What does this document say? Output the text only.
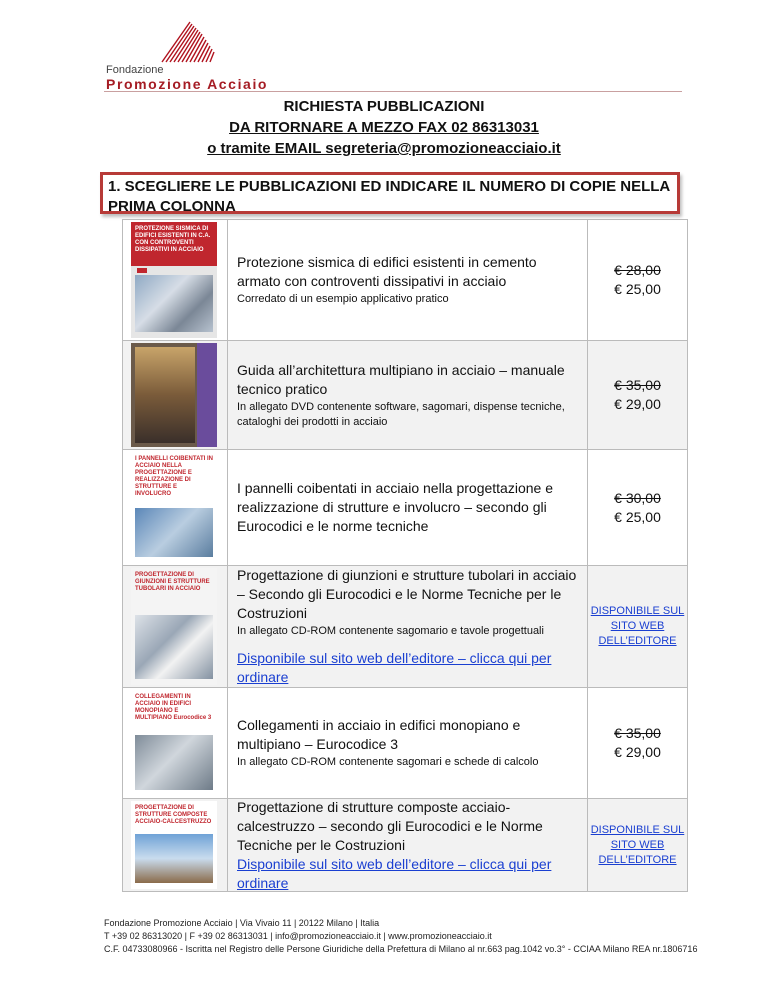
Fondazione
Promozione Acciaio
RICHIESTA PUBBLICAZIONI
DA RITORNARE A MEZZO FAX 02 86313031
o tramite EMAIL segreteria@promozioneacciaio.it
1. SCEGLIERE LE PUBBLICAZIONI ED INDICARE IL NUMERO DI COPIE NELLA PRIMA COLONNA
PROTEZIONE SISMICA DI EDIFICI ESISTENTI IN C.A. CON CONTROVENTI DISSIPATIVI IN ACCIAIO
Protezione sismica di edifici esistenti in cemento armato con controventi dissipativi in acciaio
Corredato di un esempio applicativo pratico
€ 28,00
€ 25,00
Guida all’architettura multipiano in acciaio – manuale tecnico pratico
In allegato DVD contenente software, sagomari, dispense tecniche, cataloghi dei prodotti in acciaio
€ 35,00
€ 29,00
I PANNELLI COIBENTATI IN ACCIAIO NELLA PROGETTAZIONE E REALIZZAZIONE DI STRUTTURE E INVOLUCRO	I pannelli coibentati in acciaio nella progettazione e realizzazione di strutture e involucro – secondo gli Eurocodici e le norme tecniche
€ 30,00
€ 25,00
PROGETTAZIONE DI GIUNZIONI E STRUTTURE TUBOLARI IN ACCIAIO
Progettazione di giunzioni e strutture tubolari in acciaio – Secondo gli Eurocodici e le Norme Tecniche per le Costruzioni
In allegato CD-ROM contenente sagomario e tavole progettuali
Disponibile sul sito web dell’editore – clicca qui per ordinare
DISPONIBILE SUL SITO WEB DELL’EDITORE
COLLEGAMENTI IN ACCIAIO IN EDIFICI MONOPIANO E MULTIPIANO Eurocodice 3 Collegamenti in acciaio in edifici monopiano e multipiano – Eurocodice 3
In allegato CD-ROM contenente sagomari e schede di calcolo
€ 35,00
€ 29,00
PROGETTAZIONE DI STRUTTURE COMPOSTE ACCIAIO-CALCESTRUZZO
Progettazione di strutture composte acciaio-calcestruzzo – secondo gli Eurocodici e le Norme Tecniche per le Costruzioni
Disponibile sul sito web dell’editore – clicca qui per ordinare
DISPONIBILE SUL SITO WEB DELL’EDITORE
Fondazione Promozione Acciaio | Via Vivaio 11 | 20122 Milano | Italia
T +39 02 86313020 | F +39 02 86313031 | info@promozioneacciaio.it | www.promozioneacciaio.it
C.F. 04733080966 - Iscritta nel Registro delle Persone Giuridiche della Prefettura di Milano al nr.663 pag.1042 vo.3° - CCIAA Milano REA nr.1806716
